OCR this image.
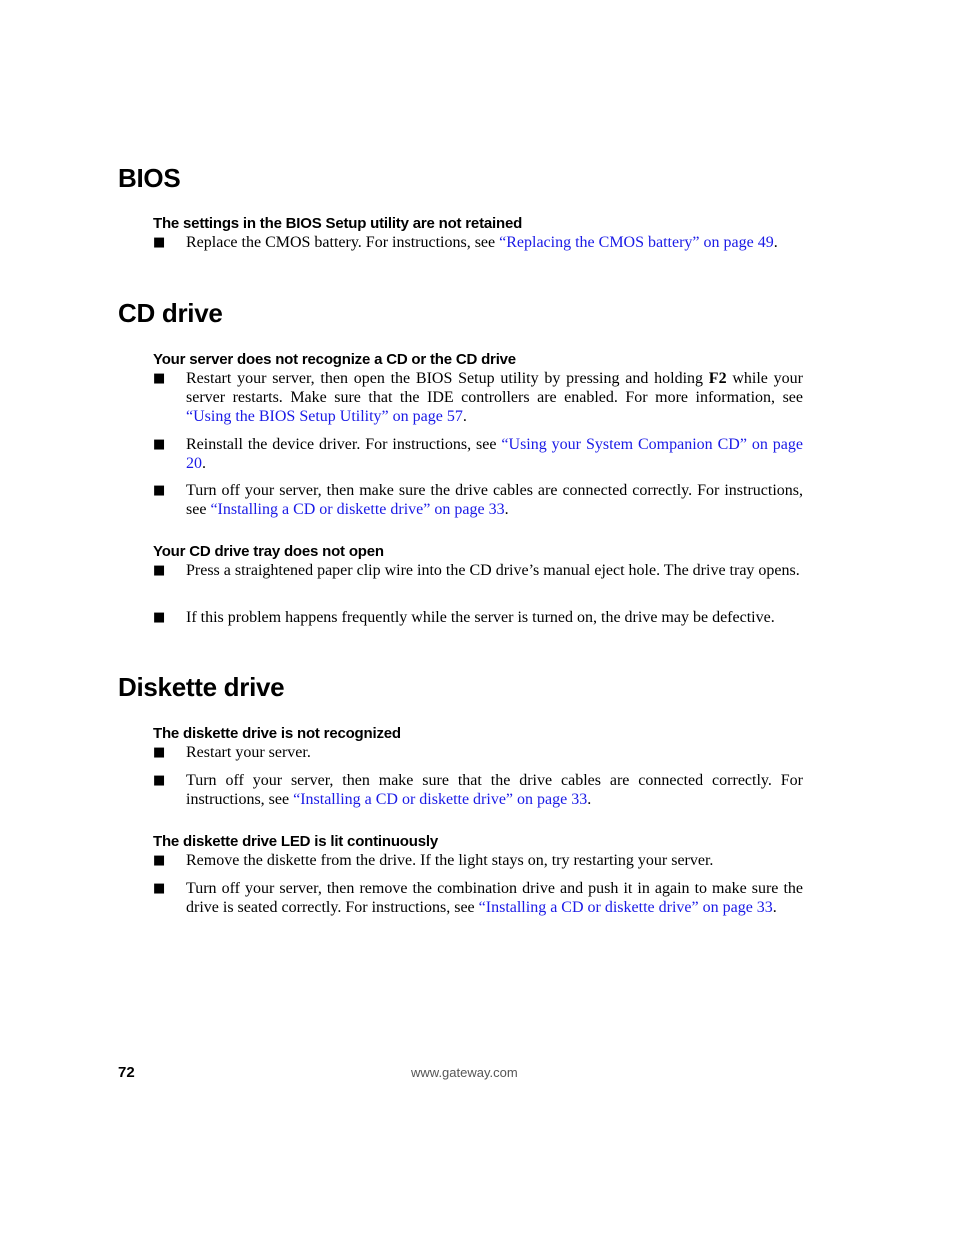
BIOS
The settings in the BIOS Setup utility are not retained
■ Replace the CMOS battery. For instructions, see “Replacing the CMOS battery” on page 49.
CD drive
Your server does not recognize a CD or the CD drive
■ Restart your server, then open the BIOS Setup utility by pressing and holding F2 while your server restarts. Make sure that the IDE controllers are enabled. For more information, see “Using the BIOS Setup Utility” on page 57.
■ Reinstall the device driver. For instructions, see “Using your System Companion CD” on page 20.
■ Turn off your server, then make sure the drive cables are connected correctly. For instructions, see “Installing a CD or diskette drive” on page 33.
Your CD drive tray does not open
■ Press a straightened paper clip wire into the CD drive’s manual eject hole. The drive tray opens.
■ If this problem happens frequently while the server is turned on, the drive may be defective.
Diskette drive
The diskette drive is not recognized
■ Restart your server.
■ Turn off your server, then make sure that the drive cables are connected correctly. For instructions, see “Installing a CD or diskette drive” on page 33.
The diskette drive LED is lit continuously
■ Remove the diskette from the drive. If the light stays on, try restarting your server.
■ Turn off your server, then remove the combination drive and push it in again to make sure the drive is seated correctly. For instructions, see “Installing a CD or diskette drive” on page 33.
72	www.gateway.com
